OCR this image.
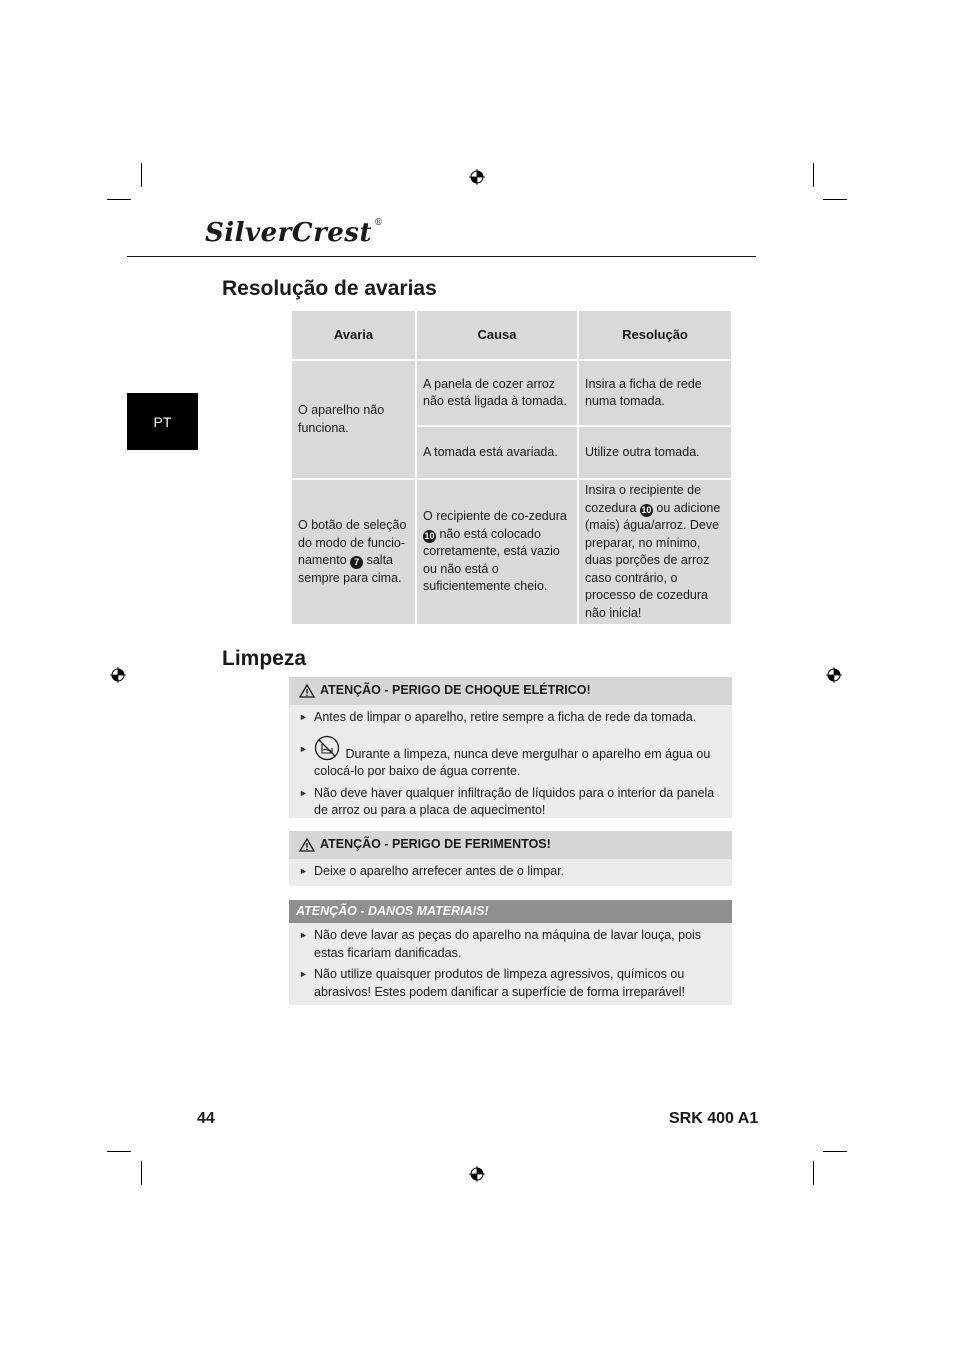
SilverCrest ®
PT
Resolução de avarias
Avaria	Causa	Resolução
O aparelho não funciona.	A panela de cozer arroz não está ligada à tomada.	Insira a ficha de rede numa tomada.
	A tomada está avariada.	Utilize outra tomada.
O botão de seleção do modo de funcio-namento 7 salta sempre para cima.	O recipiente de co-zedura 10 não está colocado corretamente, está vazio ou não está o suficientemente cheio.	Insira o recipiente de cozedura 10 ou adicione (mais) água/arroz. Deve preparar, no mínimo, duas porções de arroz caso contrário, o processo de cozedura não inicia!
Limpeza
ATENÇÃO - PERIGO DE CHOQUE ELÉTRICO!
► Antes de limpar o aparelho, retire sempre a ficha de rede da tomada.
►	Durante a limpeza, nunca deve mergulhar o aparelho em água ou colocá-lo por baixo de água corrente.
► Não deve haver qualquer infiltração de líquidos para o interior da panela de arroz ou para a placa de aquecimento!
ATENÇÃO - PERIGO DE FERIMENTOS!
► Deixe o aparelho arrefecer antes de o limpar.
ATENÇÃO - DANOS MATERIAIS!
► Não deve lavar as peças do aparelho na máquina de lavar louça, pois estas ficariam danificadas.
► Não utilize quaisquer produtos de limpeza agressivos, químicos ou abrasivos! Estes podem danificar a superfície de forma irreparável!
44	SRK 400 A1
